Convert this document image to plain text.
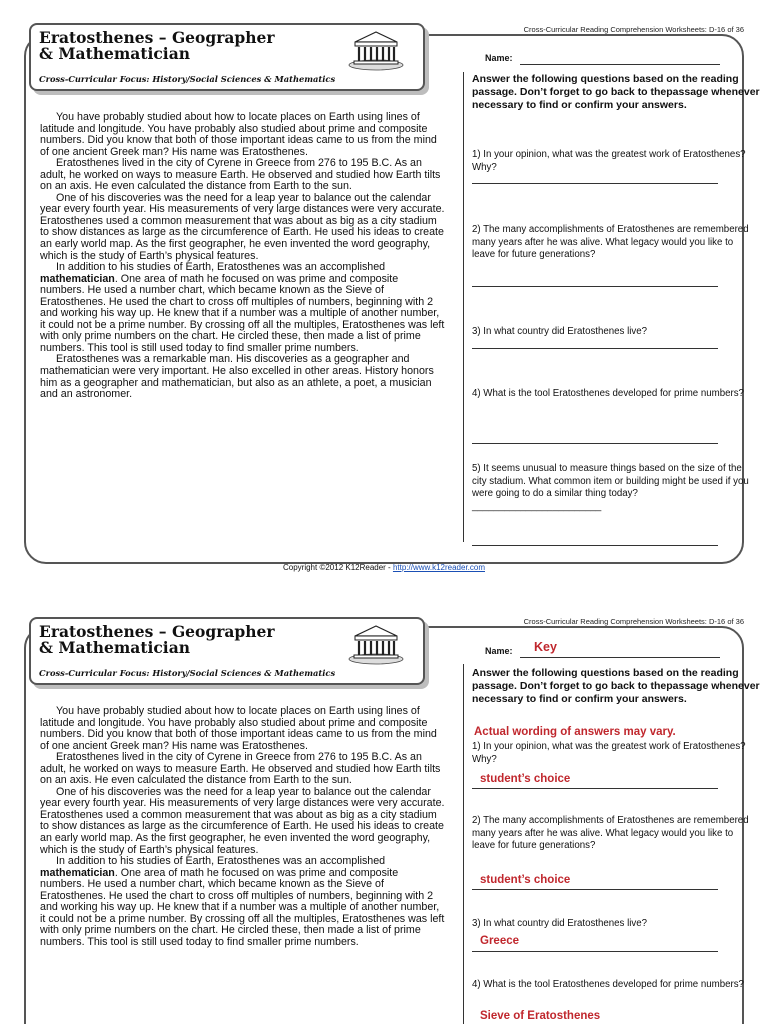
Cross-Curricular Reading Comprehension Worksheets: D-16 of 36
Eratosthenes – Geographer
& Mathematician
Cross-Curricular Focus: History/Social Sciences & Mathematics

You have probably studied about how to locate places on Earth using lines of latitude and longitude. You have probably also studied about prime and composite numbers. Did you know that both of those important ideas came to us from the mind of one ancient Greek man? His name was Eratosthenes.

Eratosthenes lived in the city of Cyrene in Greece from 276 to 195 B.C. As an adult, he worked on ways to measure Earth. He observed and studied how Earth tilts on an axis. He even calculated the distance from Earth to the sun.

One of his discoveries was the need for a leap year to balance out the calendar year every fourth year. His measurements of very large distances were very accurate. Eratosthenes used a common measurement that was about as big as a city stadium to show distances as large as the circumference of Earth. He used his ideas to create an early world map. As the first geographer, he even invented the word geography, which is the study of Earth’s physical features.

In addition to his studies of Earth, Eratosthenes was an accomplished mathematician. One area of math he focused on was prime and composite numbers. He used a number chart, which became known as the Sieve of Eratosthenes. He used the chart to cross off multiples of numbers, beginning with 2 and working his way up. He knew that if a number was a multiple of another number, it could not be a prime number. By crossing off all the multiples, Eratosthenes was left with only prime numbers on the chart. He circled these, then made a list of prime numbers. This tool is still used today to find smaller prime numbers.

Eratosthenes was a remarkable man. His discoveries as a geographer and mathematician were very important. He also excelled in other areas. History honors him as a geographer and mathematician, but also as an athlete, a poet, a musician and an astronomer.

Name:
Answer the following questions based on the reading passage. Don’t forget to go back to thepassage whenever necessary to find or confirm your answers.
1) In your opinion, what was the greatest work of Eratosthenes? Why?
2) The many accomplishments of Eratosthenes are remembered many years after he was alive. What legacy would you like to leave for future generations?
3) In what country did Eratosthenes live?
4) What is the tool Eratosthenes developed for prime numbers?
5) It seems unusual to measure things based on the size of the city stadium. What common item or building might be used if you were going to do a similar thing today? ________________________
Copyright ©2012 K12Reader - http://www.k12reader.com
Cross-Curricular Reading Comprehension Worksheets: D-16 of 36
Eratosthenes – Geographer
& Mathematician
Cross-Curricular Focus: History/Social Sciences & Mathematics

You have probably studied about how to locate places on Earth using lines of latitude and longitude. You have probably also studied about prime and composite numbers. Did you know that both of those important ideas came to us from the mind of one ancient Greek man? His name was Eratosthenes.

Eratosthenes lived in the city of Cyrene in Greece from 276 to 195 B.C. As an adult, he worked on ways to measure Earth. He observed and studied how Earth tilts on an axis. He even calculated the distance from Earth to the sun.

One of his discoveries was the need for a leap year to balance out the calendar year every fourth year. His measurements of very large distances were very accurate. Eratosthenes used a common measurement that was about as big as a city stadium to show distances as large as the circumference of Earth. He used his ideas to create an early world map. As the first geographer, he even invented the word geography, which is the study of Earth’s physical features.

In addition to his studies of Earth, Eratosthenes was an accomplished mathematician. One area of math he focused on was prime and composite numbers. He used a number chart, which became known as the Sieve of Eratosthenes. He used the chart to cross off multiples of numbers, beginning with 2 and working his way up. He knew that if a number was a multiple of another number, it could not be a prime number. By crossing off all the multiples, Eratosthenes was left with only prime numbers on the chart. He circled these, then made a list of prime numbers. This tool is still used today to find smaller prime numbers.

Name: Key
Answer the following questions based on the reading passage. Don’t forget to go back to thepassage whenever necessary to find or confirm your answers.
Actual wording of answers may vary.
1) In your opinion, what was the greatest work of Eratosthenes? Why?
student’s choice
2) The many accomplishments of Eratosthenes are remembered many years after he was alive. What legacy would you like to leave for future generations?
student’s choice
3) In what country did Eratosthenes live?
Greece
4) What is the tool Eratosthenes developed for prime numbers?
Sieve of Eratosthenes
